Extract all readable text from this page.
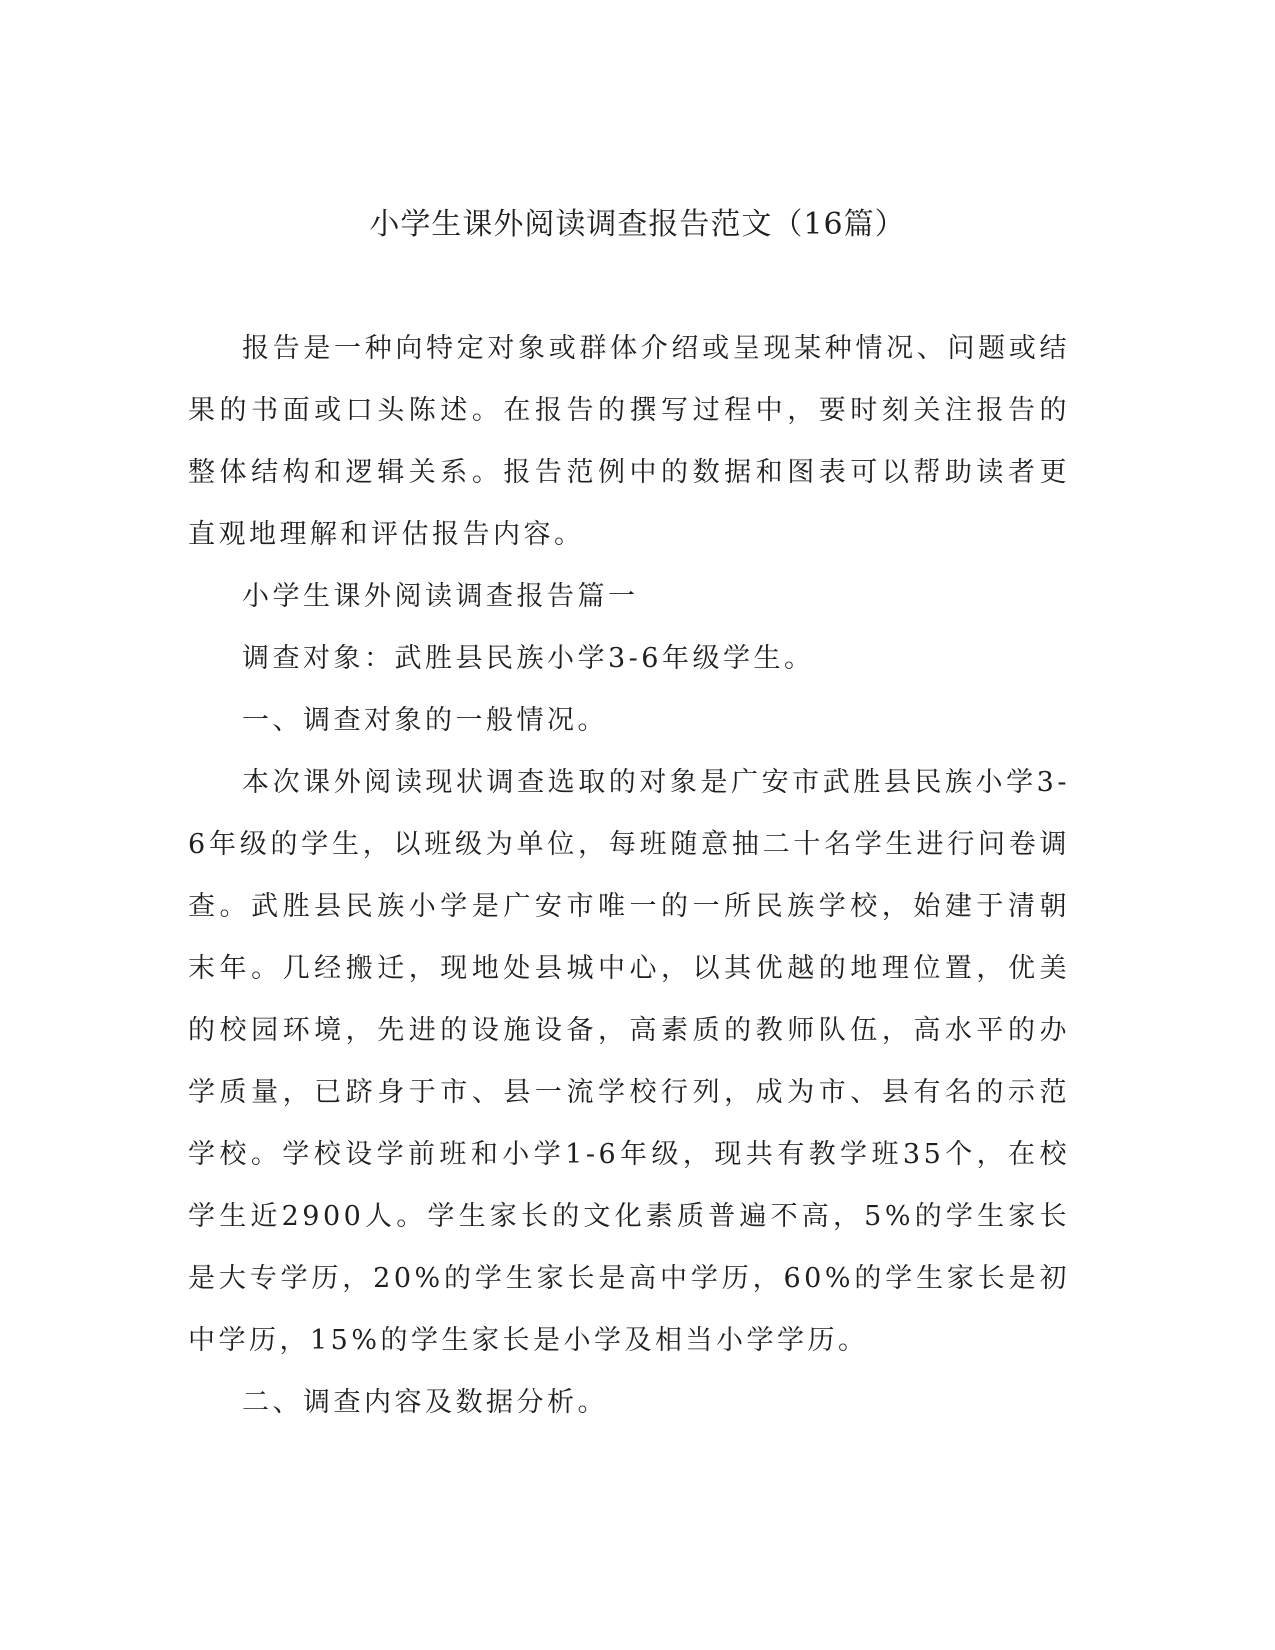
小学生课外阅读调查报告范文（16篇）

报告是一种向特定对象或群体介绍或呈现某种情况、问题或结果的书面或口头陈述。在报告的撰写过程中，要时刻关注报告的整体结构和逻辑关系。报告范例中的数据和图表可以帮助读者更直观地理解和评估报告内容。

小学生课外阅读调查报告篇一

调查对象：武胜县民族小学3-6年级学生。

一、调查对象的一般情况。

本次课外阅读现状调查选取的对象是广安市武胜县民族小学3-6年级的学生，以班级为单位，每班随意抽二十名学生进行问卷调查。武胜县民族小学是广安市唯一的一所民族学校，始建于清朝末年。几经搬迁，现地处县城中心，以其优越的地理位置，优美的校园环境，先进的设施设备，高素质的教师队伍，高水平的办学质量，已跻身于市、县一流学校行列，成为市、县有名的示范学校。学校设学前班和小学1-6年级，现共有教学班35个，在校学生近2900人。学生家长的文化素质普遍不高，5%的学生家长是大专学历，20%的学生家长是高中学历，60%的学生家长是初中学历，15%的学生家长是小学及相当小学学历。

二、调查内容及数据分析。
